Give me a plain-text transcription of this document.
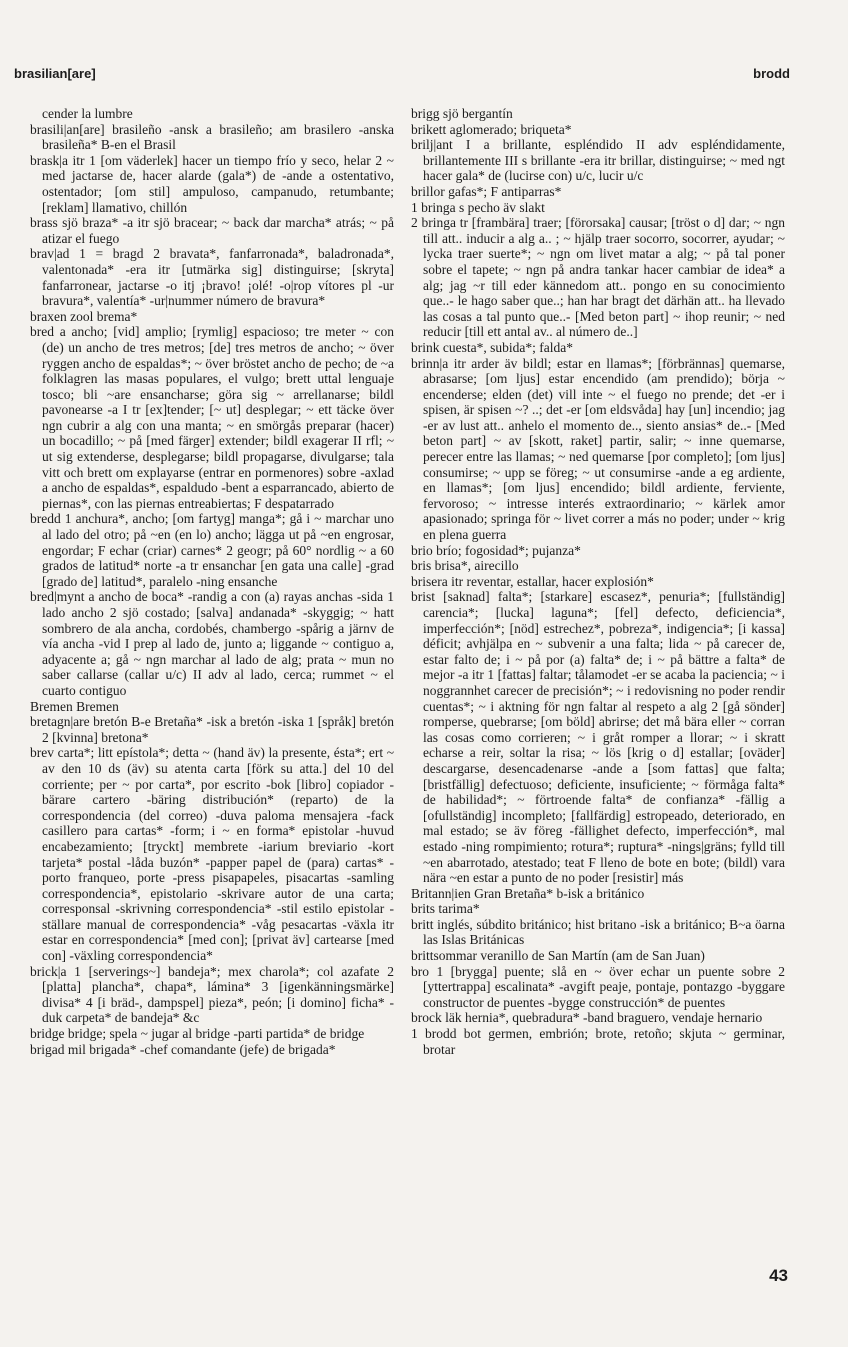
brasilian[are]	brodd

cender la lumbre

brasili|an[are] brasileño -ansk a brasileño; am brasilero -anska brasileña* B-en el Brasil

brask|a itr 1 [om väderlek] hacer un tiempo frío y seco, helar 2 ~ med jactarse de, hacer alarde (gala*) de -ande a ostentativo, ostentador; [om stil] ampuloso, campanudo, retumbante; [reklam] llamativo, chillón

brass sjö braza* -a itr sjö bracear; ~ back dar marcha* atrás; ~ på atizar el fuego

brav|ad 1 = bragd 2 bravata*, fanfarronada*, baladronada*, valentonada* -era itr [utmärka sig] distinguirse; [skryta] fanfarronear, jactarse -o itj ¡bravo! ¡olé! -o|rop vítores pl -ur bravura*, valentía* -ur|nummer número de bravura*

braxen zool brema*

bred a ancho; [vid] amplio; [rymlig] espacioso; tre meter ~ con (de) un ancho de tres metros; [de] tres metros de ancho; ~ över ryggen ancho de espaldas*; ~ över bröstet ancho de pecho; de ~a folklagren las masas populares, el vulgo; brett uttal lenguaje tosco; bli ~are ensancharse; göra sig ~ arrellanarse; bildl pavonearse -a I tr [ex]tender; [~ ut] desplegar; ~ ett täcke över ngn cubrir a alg con una manta; ~ en smörgås preparar (hacer) un bocadillo; ~ på [med färger] extender; bildl exagerar II rfl; ~ ut sig extenderse, desplegarse; bildl propagarse, divulgarse; tala vitt och brett om explayarse (entrar en pormenores) sobre -axlad a ancho de espaldas*, espaldudo -bent a esparrancado, abierto de piernas*, con las piernas entreabiertas; F despatarrado

bredd 1 anchura*, ancho; [om fartyg] manga*; gå i ~ marchar uno al lado del otro; på ~en (en lo) ancho; lägga ut på ~en engrosar, engordar; F echar (criar) carnes* 2 geogr; på 60° nordlig ~ a 60 grados de latitud* norte -a tr ensanchar [en gata una calle] -grad [grado de] latitud*, paralelo -ning ensanche

bred|mynt a ancho de boca* -randig a con (a) rayas anchas -sida 1 lado ancho 2 sjö costado; [salva] andanada* -skyggig; ~ hatt sombrero de ala ancha, cordobés, chambergo -spårig a järnv de vía ancha -vid I prep al lado de, junto a; liggande ~ contiguo a, adyacente a; gå ~ ngn marchar al lado de alg; prata ~ mun no saber callarse (callar u/c) II adv al lado, cerca; rummet ~ el cuarto contiguo

Bremen Bremen

bretagn|are bretón B-e Bretaña* -isk a bretón -iska 1 [språk] bretón 2 [kvinna] bretona*

brev carta*; litt epístola*; detta ~ (hand äv) la presente, ésta*; ert ~ av den 10 ds (äv) su atenta carta [förk su atta.] del 10 del corriente; per ~ por carta*, por escrito -bok [libro] copiador -bärare cartero -bäring distribución* (reparto) de la correspondencia (del correo) -duva paloma mensajera -fack casillero para cartas* -form; i ~ en forma* epistolar -huvud encabezamiento; [tryckt] membrete -iarium breviario -kort tarjeta* postal -låda buzón* -papper papel de (para) cartas* -porto franqueo, porte -press pisapapeles, pisacartas -samling correspondencia*, epistolario -skrivare autor de una carta; corresponsal -skrivning correspondencia* -stil estilo epistolar -ställare manual de correspondencia* -våg pesacartas -växla itr estar en correspondencia* [med con]; [privat äv] cartearse [med con] -växling correspondencia*

brick|a 1 [serverings~] bandeja*; mex charola*; col azafate 2 [platta] plancha*, chapa*, lámina* 3 [igenkänningsmärke] divisa* 4 [i bräd-, dampspel] pieza*, peón; [i domino] ficha* -duk carpeta* de bandeja* &c

bridge bridge; spela ~ jugar al bridge -parti partida* de bridge

brigad mil brigada* -chef comandante (jefe) de brigada*

brigg sjö bergantín

brikett aglomerado; briqueta*

brilj|ant I a brillante, espléndido II adv espléndidamente, brillantemente III s brillante -era itr brillar, distinguirse; ~ med ngt hacer gala* de (lucirse con) u/c, lucir u/c

brillor gafas*; F antiparras*

1 bringa s pecho äv slakt

2 bringa tr [frambära] traer; [förorsaka] causar; [tröst o d] dar; ~ ngn till att.. inducir a alg a.. ; ~ hjälp traer socorro, socorrer, ayudar; ~ lycka traer suerte*; ~ ngn om livet matar a alg; ~ på tal poner sobre el tapete; ~ ngn på andra tankar hacer cambiar de idea* a alg; jag ~r till eder kännedom att.. pongo en su conocimiento que..- le hago saber que..; han har bragt det därhän att.. ha llevado las cosas a tal punto que..- [Med beton part] ~ ihop reunir; ~ ned reducir [till ett antal av.. al número de..]

brink cuesta*, subida*; falda*

brinn|a itr arder äv bildl; estar en llamas*; [förbrännas] quemarse, abrasarse; [om ljus] estar encendido (am prendido); börja ~ encenderse; elden (det) vill inte ~ el fuego no prende; det -er i spisen, är spisen ~? ..; det -er [om eldsvåda] hay [un] incendio; jag -er av lust att.. anhelo el momento de.., siento ansias* de..- [Med beton part] ~ av [skott, raket] partir, salir; ~ inne quemarse, perecer entre las llamas; ~ ned quemarse [por completo]; [om ljus] consumirse; ~ upp se föreg; ~ ut consumirse -ande a eg ardiente, en llamas*; [om ljus] encendido; bildl ardiente, ferviente, fervoroso; ~ intresse interés extraordinario; ~ kärlek amor apasionado; springa för ~ livet correr a más no poder; under ~ krig en plena guerra

brio brío; fogosidad*; pujanza*

bris brisa*, airecillo

brisera itr reventar, estallar, hacer explosión*

brist [saknad] falta*; [starkare] escasez*, penuria*; [fullständig] carencia*; [lucka] laguna*; [fel] defecto, deficiencia*, imperfección*; [nöd] estrechez*, pobreza*, indigencia*; [i kassa] déficit; avhjälpa en ~ subvenir a una falta; lida ~ på carecer de, estar falto de; i ~ på por (a) falta* de; i ~ på bättre a falta* de mejor -a itr 1 [fattas] faltar; tålamodet -er se acaba la paciencia; ~ i noggrannhet carecer de precisión*; ~ i redovisning no poder rendir cuentas*; ~ i aktning för ngn faltar al respeto a alg 2 [gå sönder] romperse, quebrarse; [om böld] abrirse; det må bära eller ~ corran las cosas como corrieren; ~ i gråt romper a llorar; ~ i skratt echarse a reir, soltar la risa; ~ lös [krig o d] estallar; [oväder] descargarse, desencadenarse -ande a [som fattas] que falta; [bristfällig] defectuoso; deficiente, insuficiente; ~ förmåga falta* de habilidad*; ~ förtroende falta* de confianza* -fällig a [ofullständig] incompleto; [fallfärdig] estropeado, deteriorado, en mal estado; se äv föreg -fällighet defecto, imperfección*, mal estado -ning rompimiento; rotura*; ruptura* -nings|gräns; fylld till ~en abarrotado, atestado; teat F lleno de bote en bote; (bildl) vara nära ~en estar a punto de no poder [resistir] más

Britann|ien Gran Bretaña* b-isk a británico

brits tarima*

britt inglés, súbdito británico; hist britano -isk a británico; B~a öarna las Islas Británicas

brittsommar veranillo de San Martín (am de San Juan)

bro 1 [brygga] puente; slå en ~ över echar un puente sobre 2 [yttertrappa] escalinata* -avgift peaje, pontaje, pontazgo -byggare constructor de puentes -bygge construcción* de puentes

brock läk hernia*, quebradura* -band braguero, vendaje hernario

1 brodd bot germen, embrión; brote, retoño; skjuta ~ germinar, brotar

43
